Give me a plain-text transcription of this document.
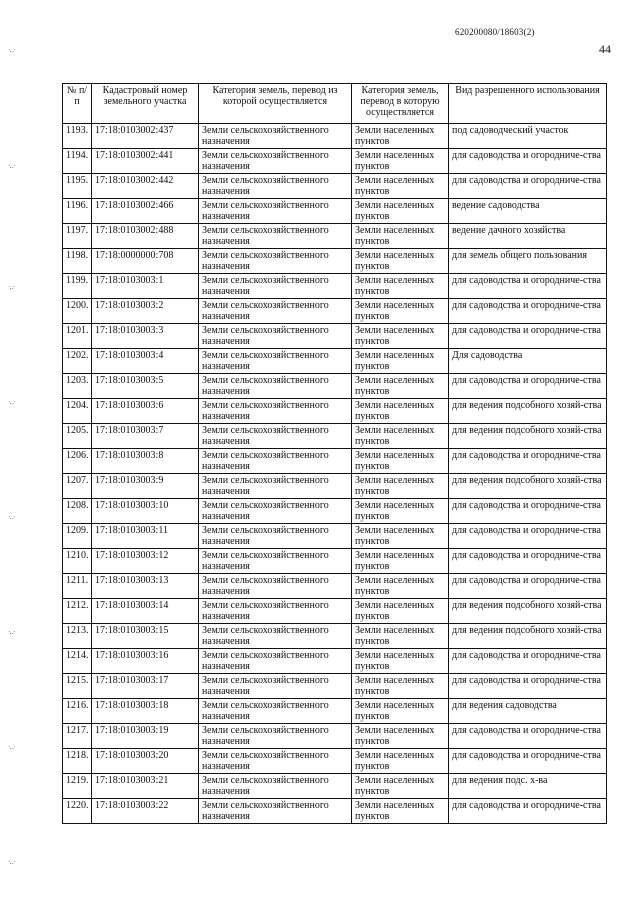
620200080/18603(2)
44
·‥·
·‥·
·‥·
·‥·
·‥·
·‥·
·‥·
·‥·
№ п/п	Кадастровый номер земельного участка	Категория земель, перевод из которой осуществляется	Категория земель, перевод в которую осуществляется	Вид разрешенного использования
1193.	17:18:0103002:437	Земли сельскохозяйственного назначения	Земли населенных пунктов	под садоводческий участок
1194.	17:18:0103002:441	Земли сельскохозяйственного назначения	Земли населенных пунктов	для садоводства и огородниче-ства
1195.	17:18:0103002:442	Земли сельскохозяйственного назначения	Земли населенных пунктов	для садоводства и огородниче-ства
1196.	17:18:0103002:466	Земли сельскохозяйственного назначения	Земли населенных пунктов	ведение садоводства
1197.	17:18:0103002:488	Земли сельскохозяйственного назначения	Земли населенных пунктов	ведение дачного хозяйства
1198.	17:18:0000000:708	Земли сельскохозяйственного назначения	Земли населенных пунктов	для земель общего пользования
1199.	17:18:0103003:1	Земли сельскохозяйственного назначения	Земли населенных пунктов	для садоводства и огородниче-ства
1200.	17:18:0103003:2	Земли сельскохозяйственного назначения	Земли населенных пунктов	для садоводства и огородниче-ства
1201.	17:18:0103003:3	Земли сельскохозяйственного назначения	Земли населенных пунктов	для садоводства и огородниче-ства
1202.	17:18:0103003:4	Земли сельскохозяйственного назначения	Земли населенных пунктов	Для садоводства
1203.	17:18:0103003:5	Земли сельскохозяйственного назначения	Земли населенных пунктов	для садоводства и огородниче-ства
1204.	17:18:0103003:6	Земли сельскохозяйственного назначения	Земли населенных пунктов	для ведения подсобного хозяй-ства
1205.	17:18:0103003:7	Земли сельскохозяйственного назначения	Земли населенных пунктов	для ведения подсобного хозяй-ства
1206.	17:18:0103003:8	Земли сельскохозяйственного назначения	Земли населенных пунктов	для садоводства и огородниче-ства
1207.	17:18:0103003:9	Земли сельскохозяйственного назначения	Земли населенных пунктов	для ведения подсобного хозяй-ства
1208.	17:18:0103003:10	Земли сельскохозяйственного назначения	Земли населенных пунктов	для садоводства и огородниче-ства
1209.	17:18:0103003:11	Земли сельскохозяйственного назначения	Земли населенных пунктов	для садоводства и огородниче-ства
1210.	17:18:0103003:12	Земли сельскохозяйственного назначения	Земли населенных пунктов	для садоводства и огородниче-ства
1211.	17:18:0103003:13	Земли сельскохозяйственного назначения	Земли населенных пунктов	для садоводства и огородниче-ства
1212.	17:18:0103003:14	Земли сельскохозяйственного назначения	Земли населенных пунктов	для ведения подсобного хозяй-ства
1213.	17:18:0103003:15	Земли сельскохозяйственного назначения	Земли населенных пунктов	для ведения подсобного хозяй-ства
1214.	17:18:0103003:16	Земли сельскохозяйственного назначения	Земли населенных пунктов	для садоводства и огородниче-ства
1215.	17:18:0103003:17	Земли сельскохозяйственного назначения	Земли населенных пунктов	для садоводства и огородниче-ства
1216.	17:18:0103003:18	Земли сельскохозяйственного назначения	Земли населенных пунктов	для ведения садоводства
1217.	17:18:0103003:19	Земли сельскохозяйственного назначения	Земли населенных пунктов	для садоводства и огородниче-ства
1218.	17:18:0103003:20	Земли сельскохозяйственного назначения	Земли населенных пунктов	для садоводства и огородниче-ства
1219.	17:18:0103003:21	Земли сельскохозяйственного назначения	Земли населенных пунктов	для ведения подс. х-ва
1220.	17:18:0103003:22	Земли сельскохозяйственного назначения	Земли населенных пунктов	для садоводства и огородниче-ства
